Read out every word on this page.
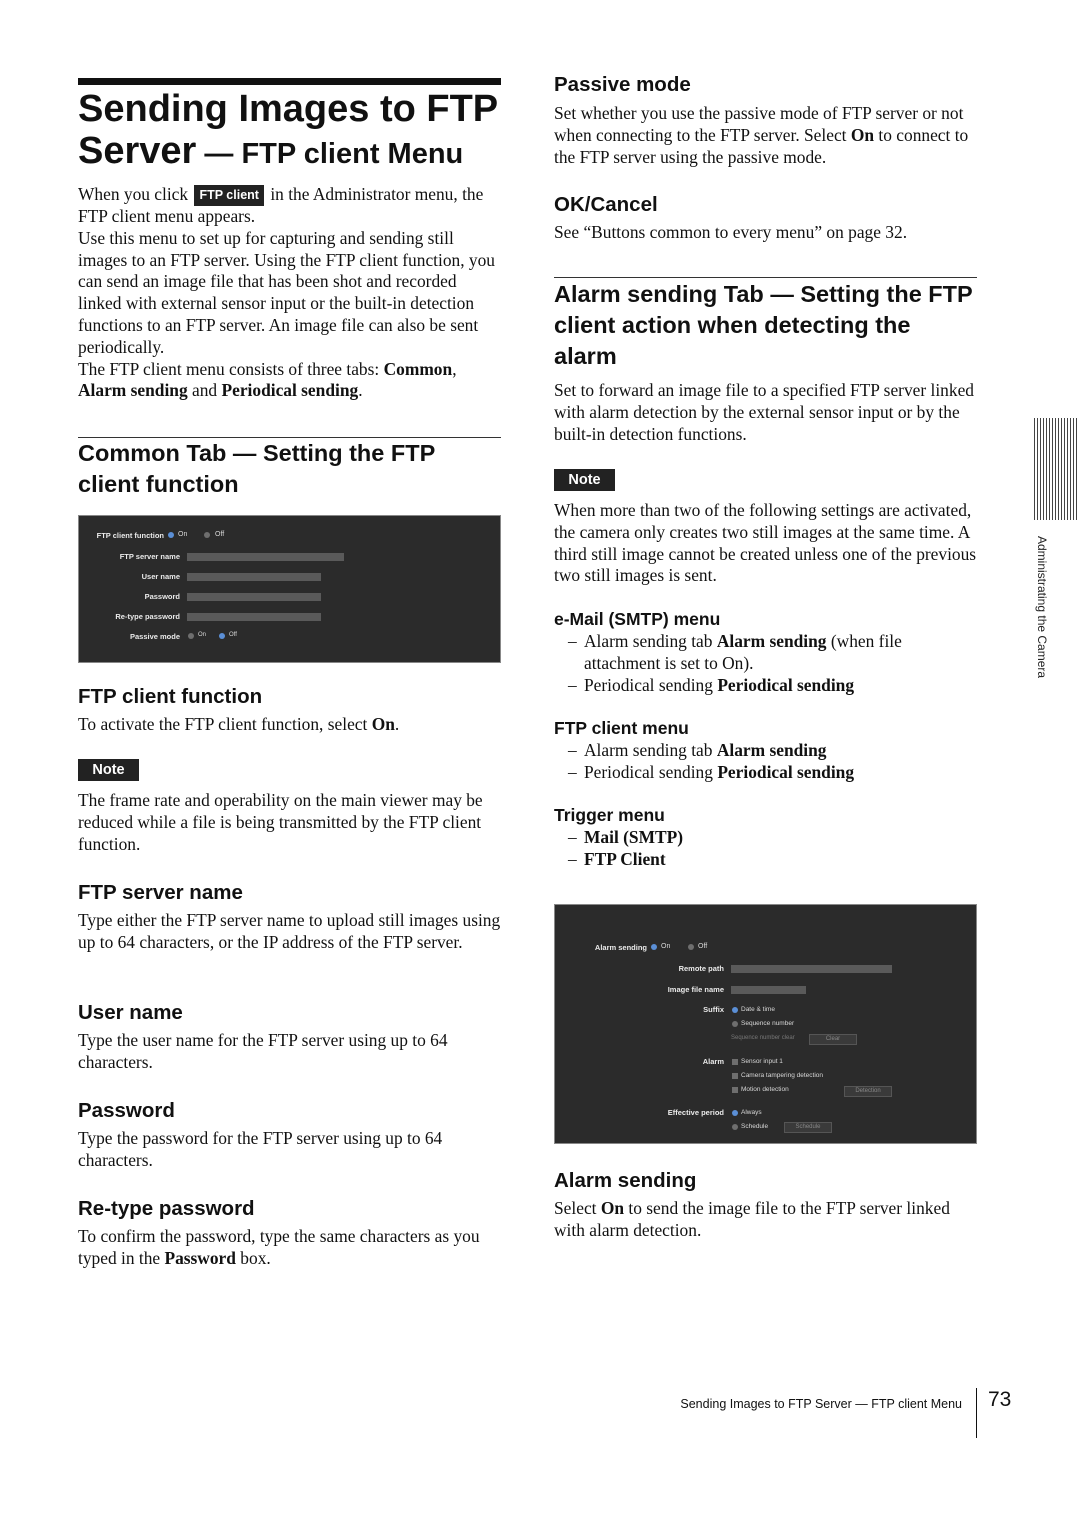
Sending Images to FTP
Server — FTP client Menu

When you click FTP client in the Administrator menu, the FTP client menu appears.

Use this menu to set up for capturing and sending still images to an FTP server. Using the FTP client function, you can send an image file that has been shot and recorded linked with external sensor input or the built-in detection functions to an FTP server. An image file can also be sent periodically.

The FTP client menu consists of three tabs: Common, Alarm sending and Periodical sending.

Common Tab — Setting the FTP client function
FTP client function On	Off
FTP server name
User name
Password
Re-type password
Passive mode	On	Off
FTP client function

To activate the FTP client function, select On.

Note

The frame rate and operability on the main viewer may be reduced while a file is being transmitted by the FTP client function.

FTP server name

Type either the FTP server name to upload still images using up to 64 characters, or the IP address of the FTP server.

User name

Type the user name for the FTP server using up to 64 characters.

Password

Type the password for the FTP server using up to 64 characters.

Re-type password

To confirm the password, type the same characters as you typed in the Password box.

Passive mode

Set whether you use the passive mode of FTP server or not when connecting to the FTP server. Select On to connect to the FTP server using the passive mode.

OK/Cancel

See “Buttons common to every menu” on page 32.

Alarm sending Tab — Setting the FTP client action when detecting the alarm

Set to forward an image file to a specified FTP server linked with alarm detection by the external sensor input or by the built-in detection functions.

Note

When more than two of the following settings are activated, the camera only creates two still images at the same time. A third still image cannot be created unless one of the previous two still images is sent.

e-Mail (SMTP) menu
– Alarm sending tab Alarm sending (when file attachment is set to On).
– Periodical sending Periodical sending
FTP client menu
– Alarm sending tab Alarm sending
– Periodical sending Periodical sending
Trigger menu
– Mail (SMTP)
– FTP Client
Alarm sending On	Off
Remote path
Image file name
Suffix	Date & time
Sequence number
Sequence number clear	Clear
Alarm	Sensor input 1
Camera tampering detection
Motion detection	Detection
Effective period	Always
Schedule	Schedule
Alarm sending

Select On to send the image file to the FTP server linked with alarm detection.

Administrating the Camera
Sending Images to FTP Server — FTP client Menu 73
